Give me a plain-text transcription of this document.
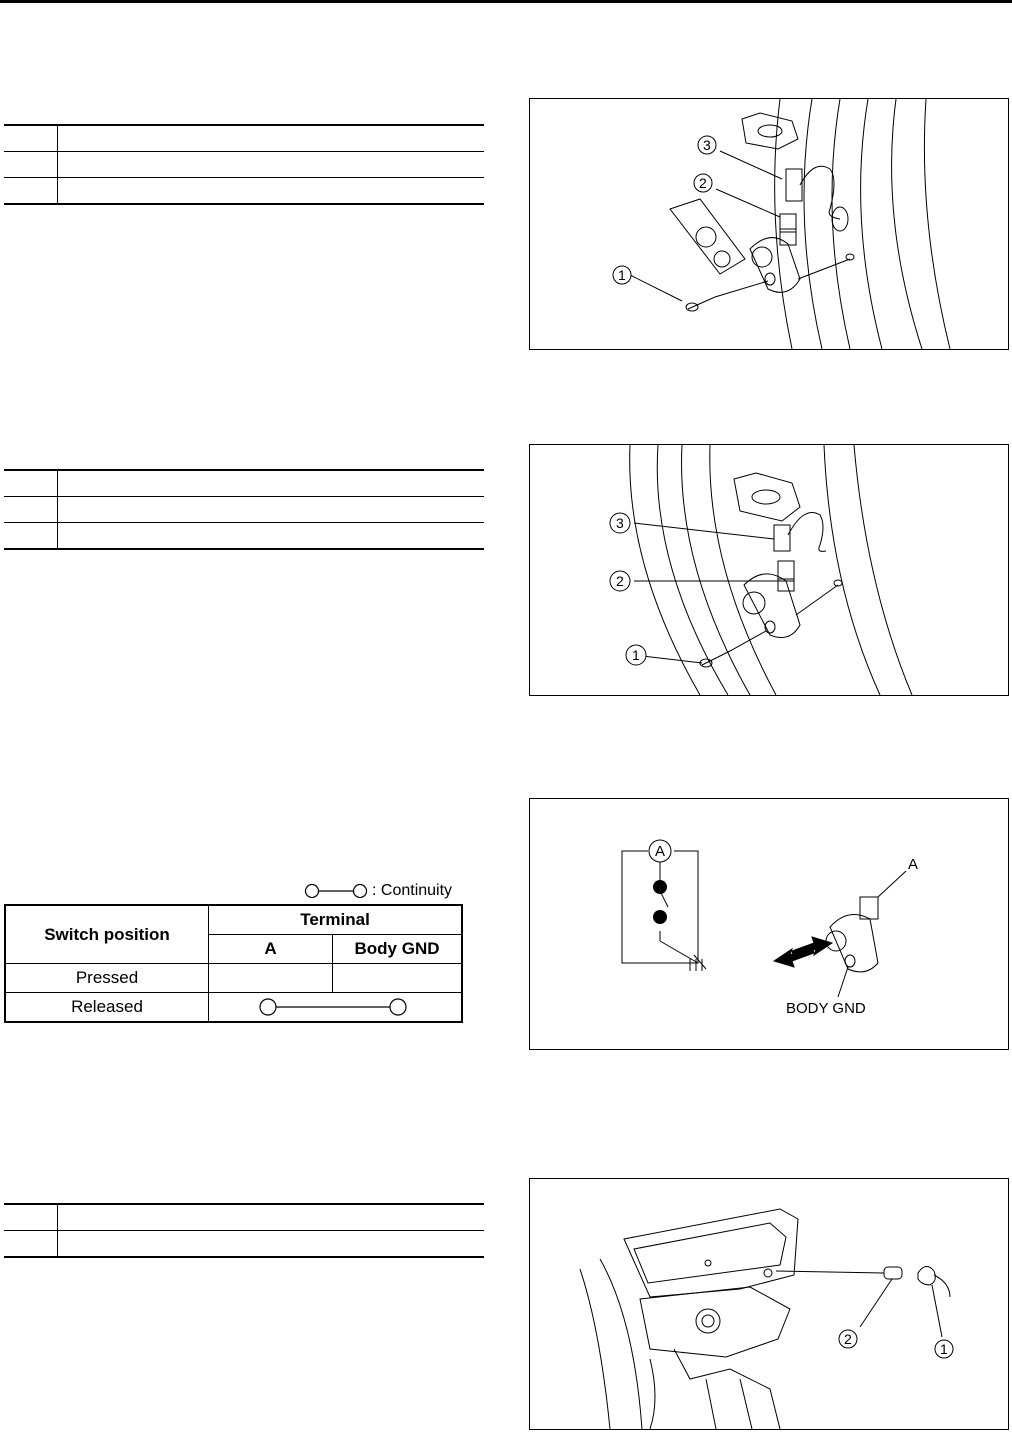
: Continuity
Switch position	Terminal	
	A	Body GND
Pressed		
Released	
3
2
1
3
2
1
A
A
BODY GND
2
1
